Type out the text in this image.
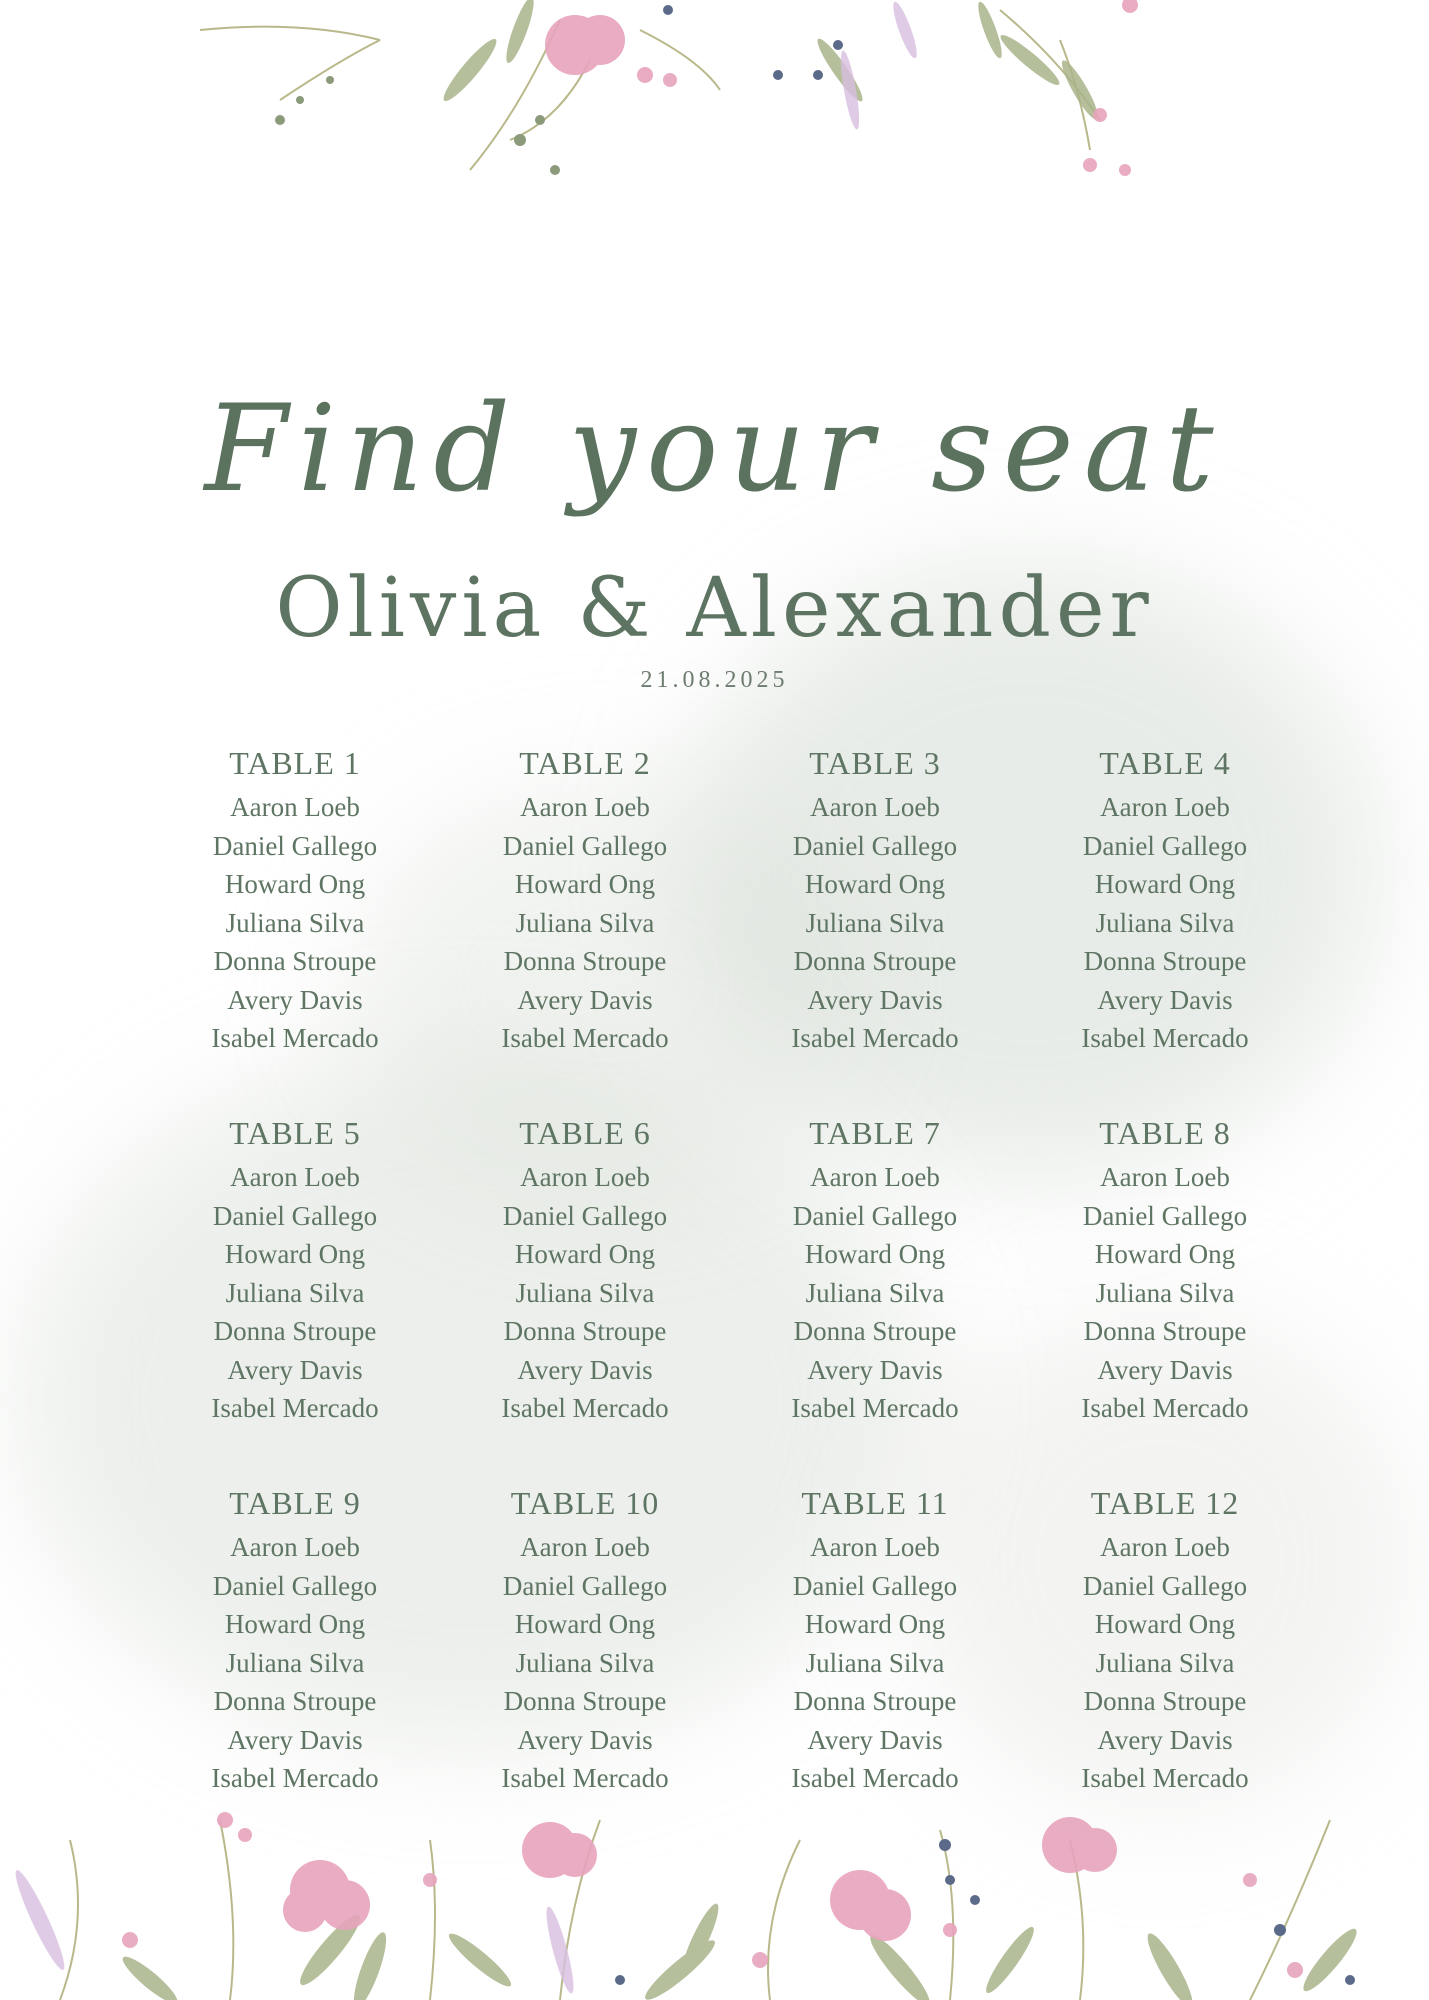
Find your seat
Olivia & Alexander
21.08.2025
TABLE 1
Aaron Loeb
Daniel Gallego
Howard Ong
Juliana Silva
Donna Stroupe
Avery Davis
Isabel Mercado
TABLE 2
Aaron Loeb
Daniel Gallego
Howard Ong
Juliana Silva
Donna Stroupe
Avery Davis
Isabel Mercado
TABLE 3
Aaron Loeb
Daniel Gallego
Howard Ong
Juliana Silva
Donna Stroupe
Avery Davis
Isabel Mercado
TABLE 4
Aaron Loeb
Daniel Gallego
Howard Ong
Juliana Silva
Donna Stroupe
Avery Davis
Isabel Mercado
TABLE 5
Aaron Loeb
Daniel Gallego
Howard Ong
Juliana Silva
Donna Stroupe
Avery Davis
Isabel Mercado
TABLE 6
Aaron Loeb
Daniel Gallego
Howard Ong
Juliana Silva
Donna Stroupe
Avery Davis
Isabel Mercado
TABLE 7
Aaron Loeb
Daniel Gallego
Howard Ong
Juliana Silva
Donna Stroupe
Avery Davis
Isabel Mercado
TABLE 8
Aaron Loeb
Daniel Gallego
Howard Ong
Juliana Silva
Donna Stroupe
Avery Davis
Isabel Mercado
TABLE 9
Aaron Loeb
Daniel Gallego
Howard Ong
Juliana Silva
Donna Stroupe
Avery Davis
Isabel Mercado
TABLE 10
Aaron Loeb
Daniel Gallego
Howard Ong
Juliana Silva
Donna Stroupe
Avery Davis
Isabel Mercado
TABLE 11
Aaron Loeb
Daniel Gallego
Howard Ong
Juliana Silva
Donna Stroupe
Avery Davis
Isabel Mercado
TABLE 12
Aaron Loeb
Daniel Gallego
Howard Ong
Juliana Silva
Donna Stroupe
Avery Davis
Isabel Mercado
